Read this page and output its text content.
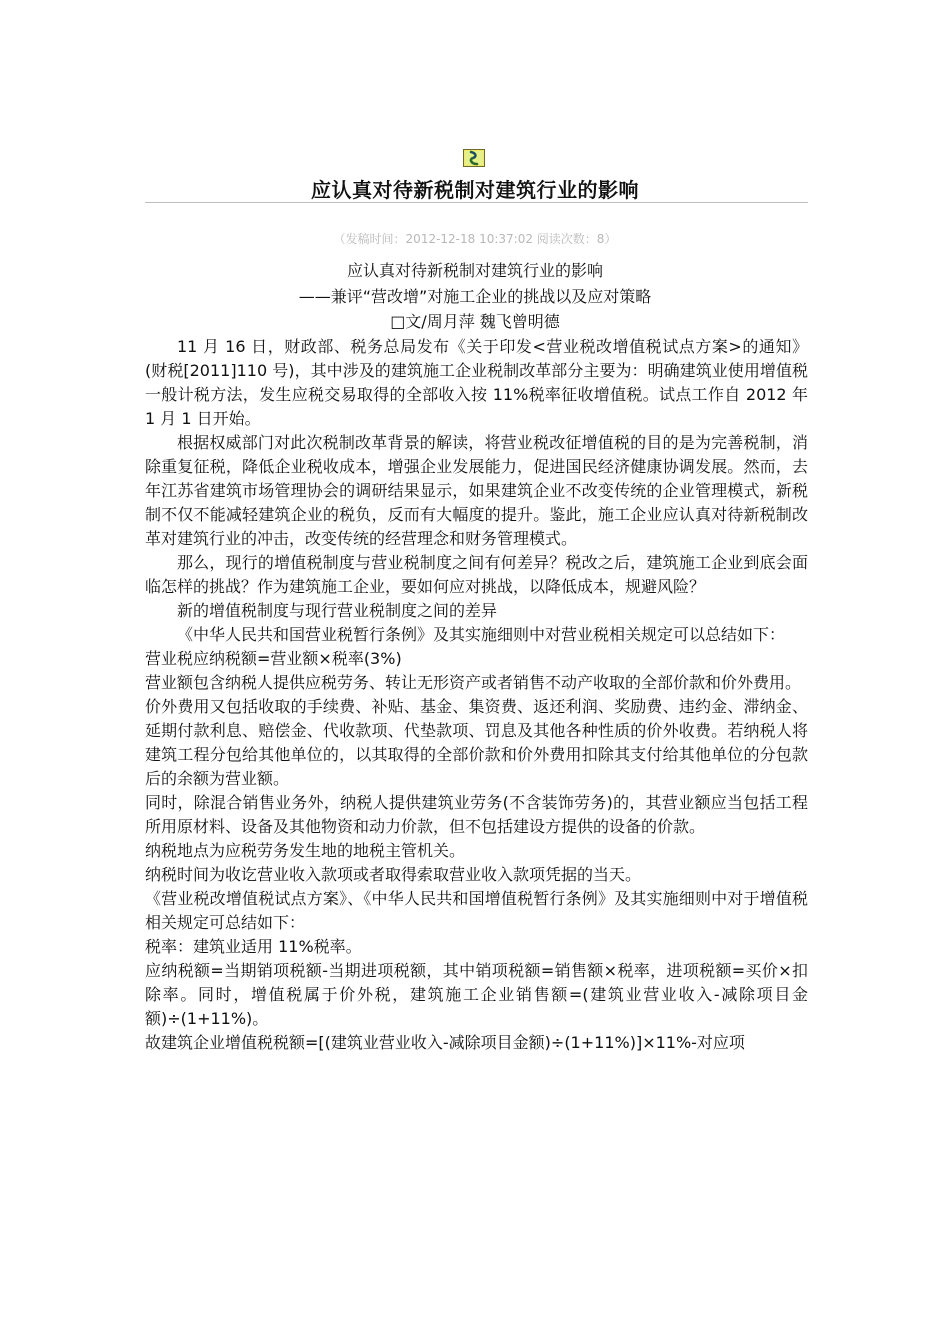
应认真对待新税制对建筑行业的影响
（发稿时间：2012-12-18 10:37:02 阅读次数：8）
应认真对待新税制对建筑行业的影响
——兼评“营改增”对施工企业的挑战以及应对策略
□文/周月萍 魏飞曾明德

11 月 16 日，财政部、税务总局发布《关于印发<营业税改增值税试点方案>的通知》(财税[2011]110 号)，其中涉及的建筑施工企业税制改革部分主要为：明确建筑业使用增值税一般计税方法，发生应税交易取得的全部收入按 11%税率征收增值税。试点工作自 2012 年 1 月 1 日开始。

根据权威部门对此次税制改革背景的解读，将营业税改征增值税的目的是为完善税制，消除重复征税，降低企业税收成本，增强企业发展能力，促进国民经济健康协调发展。然而，去年江苏省建筑市场管理协会的调研结果显示，如果建筑企业不改变传统的企业管理模式，新税制不仅不能减轻建筑企业的税负，反而有大幅度的提升。鉴此，施工企业应认真对待新税制改革对建筑行业的冲击，改变传统的经营理念和财务管理模式。

那么，现行的增值税制度与营业税制度之间有何差异？税改之后，建筑施工企业到底会面临怎样的挑战？作为建筑施工企业，要如何应对挑战，以降低成本，规避风险？

新的增值税制度与现行营业税制度之间的差异

《中华人民共和国营业税暂行条例》及其实施细则中对营业税相关规定可以总结如下：

营业税应纳税额=营业额×税率(3%)

营业额包含纳税人提供应税劳务、转让无形资产或者销售不动产收取的全部价款和价外费用。

价外费用又包括收取的手续费、补贴、基金、集资费、返还利润、奖励费、违约金、滞纳金、延期付款利息、赔偿金、代收款项、代垫款项、罚息及其他各种性质的价外收费。若纳税人将建筑工程分包给其他单位的，以其取得的全部价款和价外费用扣除其支付给其他单位的分包款后的余额为营业额。

同时，除混合销售业务外，纳税人提供建筑业劳务(不含装饰劳务)的，其营业额应当包括工程所用原材料、设备及其他物资和动力价款，但不包括建设方提供的设备的价款。

纳税地点为应税劳务发生地的地税主管机关。

纳税时间为收讫营业收入款项或者取得索取营业收入款项凭据的当天。

《营业税改增值税试点方案》、《中华人民共和国增值税暂行条例》及其实施细则中对于增值税相关规定可总结如下：

税率：建筑业适用 11%税率。

应纳税额=当期销项税额-当期进项税额，其中销项税额=销售额×税率，进项税额=买价×扣除率。同时，增值税属于价外税，建筑施工企业销售额=(建筑业营业收入-减除项目金额)÷(1+11%)。

故建筑企业增值税税额=[(建筑业营业收入-减除项目金额)÷(1+11%)]×11%-对应项
